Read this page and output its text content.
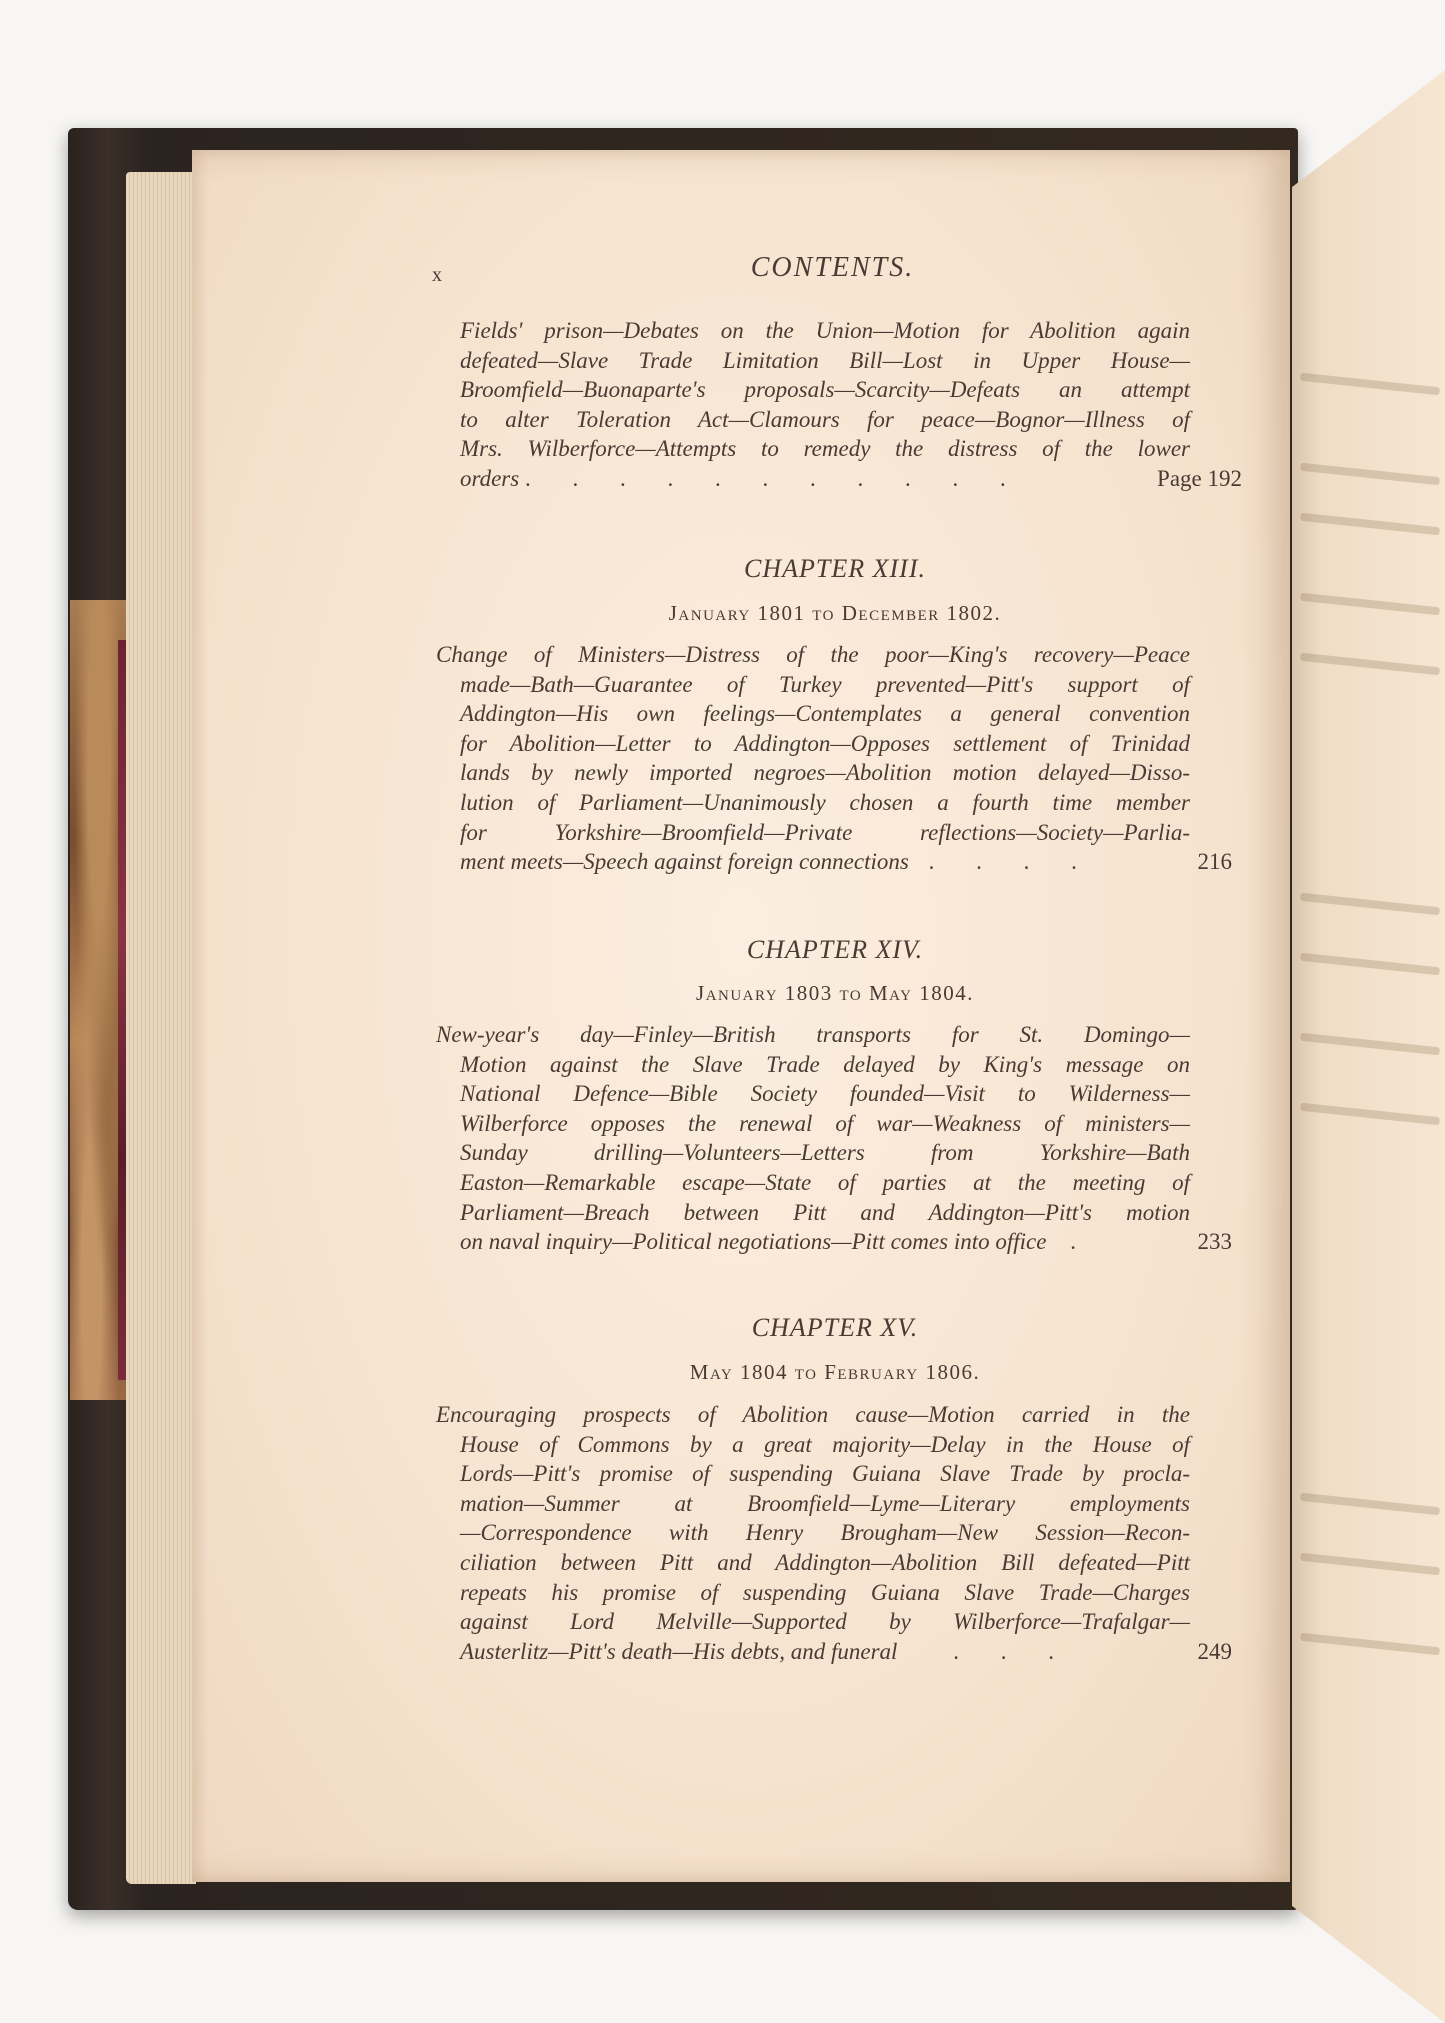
x	CONTENTS.
Fields' prison—Debates on the Union—Motion for Abolition again
defeated—Slave Trade Limitation Bill—Lost in Upper House—
Broomfield—Buonaparte's proposals—Scarcity—Defeats an attempt
to alter Toleration Act—Clamours for peace—Bognor—Illness of
Mrs. Wilberforce—Attempts to remedy the distress of the lower
orders . . . . . . . . . . .	Page 192
CHAPTER XIII.
January 1801 to December 1802.
Change of Ministers—Distress of the poor—King's recovery—Peace
made—Bath—Guarantee of Turkey prevented—Pitt's support of
Addington—His own feelings—Contemplates a general convention
for Abolition—Letter to Addington—Opposes settlement of Trinidad
lands by newly imported negroes—Abolition motion delayed—Disso-
lution of Parliament—Unanimously chosen a fourth time member
for Yorkshire—Broomfield—Private reflections—Society—Parlia-
ment meets—Speech against foreign connections . . . .	216
CHAPTER XIV.
January 1803 to May 1804.
New-year's day—Finley—British transports for St. Domingo—
Motion against the Slave Trade delayed by King's message on
National Defence—Bible Society founded—Visit to Wilderness—
Wilberforce opposes the renewal of war—Weakness of ministers—
Sunday drilling—Volunteers—Letters from Yorkshire—Bath
Easton—Remarkable escape—State of parties at the meeting of
Parliament—Breach between Pitt and Addington—Pitt's motion
on naval inquiry—Political negotiations—Pitt comes into office .	233
CHAPTER XV.
May 1804 to February 1806.
Encouraging prospects of Abolition cause—Motion carried in the
House of Commons by a great majority—Delay in the House of
Lords—Pitt's promise of suspending Guiana Slave Trade by procla-
mation—Summer at Broomfield—Lyme—Literary employments
—Correspondence with Henry Brougham—New Session—Recon-
ciliation between Pitt and Addington—Abolition Bill defeated—Pitt
repeats his promise of suspending Guiana Slave Trade—Charges
against Lord Melville—Supported by Wilberforce—Trafalgar—
Austerlitz—Pitt's death—His debts, and funeral . . .	249
